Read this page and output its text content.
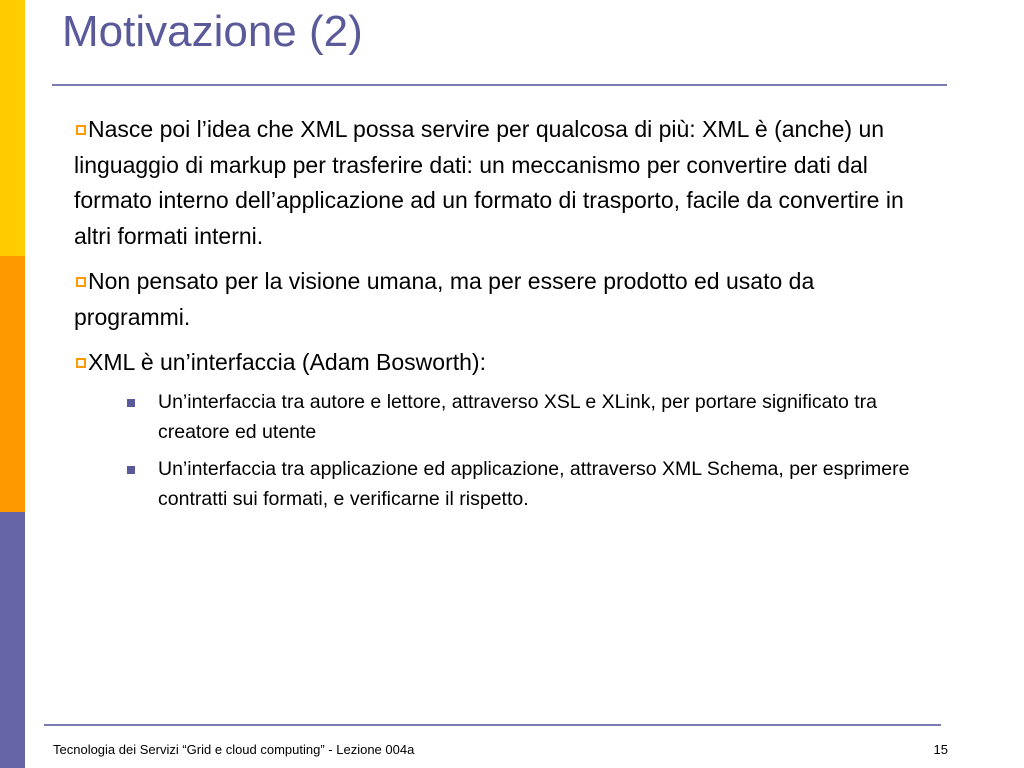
Motivazione (2)

Nasce poi l’idea che XML possa servire per qualcosa di più: XML è (anche) un linguaggio di markup per trasferire dati: un meccanismo per convertire dati dal formato interno dell’applicazione ad un formato di trasporto, facile da convertire in altri formati interni.

Non pensato per la visione umana, ma per essere prodotto ed usato da programmi.

XML è un’interfaccia (Adam Bosworth):

Un’interfaccia tra autore e lettore, attraverso XSL e XLink, per portare significato tra creatore ed utente

Un’interfaccia tra applicazione ed applicazione, attraverso XML Schema, per esprimere contratti sui formati, e verificarne il rispetto.

Tecnologia dei Servizi “Grid e cloud computing” - Lezione 004a	15
